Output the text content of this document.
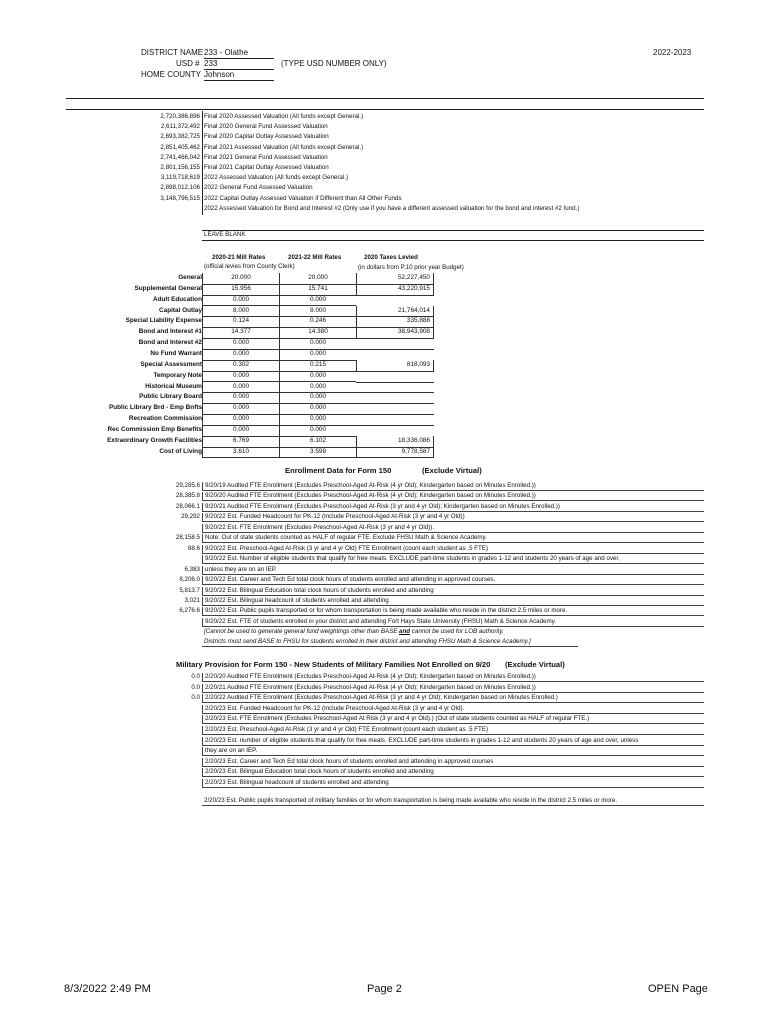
DISTRICT NAME 233 - Olathe	2022-2023
USD # 233	(TYPE USD NUMBER ONLY)
HOME COUNTY Johnson
2,720,386,896 Final 2020 Assessed Valuation (All funds except General.)
2,611,372,492 Final 2020 General Fund Assessed Valuation
2,693,382,725 Final 2020 Capital Outlay Assessed Valuation
2,851,405,462 Final 2021 Assessed Valuation (All funds except General.)
2,741,466,042 Final 2021 General Fund Assessed Valuation
2,801,156,155 Final 2021 Capital Outlay Assessed Valuation
3,119,718,619 2022 Assessed Valuation (All funds except General.)
2,898,012,106 2022 General Fund Assessed Valuation
3,148,796,515 2022 Capital Outlay Assessed Valuation if Different than All Other Funds
2022 Assessed Valuation for Bond and Interest #2 (Only use if you have a different assessed valuation for the bond and interest #2 fund.)
LEAVE BLANK
2020-21 Mill Rates
(official levies from County Clerk)
2021-22 Mill Rates	2020 Taxes Levied
(in dollars from P.10 prior year Budget)
General	20.000	20.000	52,227,450
Supplemental General	15.956	15.741	43,220,915
Adult Education	0.000	0.000
Capital Outlay	8.000	8.000	21,764,014
Special Liability Expense	0.124	0.246	335,888
Bond and Interest #1	14.377	14.380	38,943,908
Bond and Interest #2	0.000	0.000
No Fund Warrant	0.000	0.000
Special Assessment	0.302	0.215	818,093
Temporary Note	0.000	0.000
Historical Museum	0.000	0.000
Public Library Board	0.000	0.000
Public Library Brd - Emp Bnfts	0.000	0.000
Recreation Commission	0.000	0.000
Rec Commission Emp Benefits	0.000	0.000
Extraordinary Growth Facilities	6.769	6.102	18,336,086
Cost of Living	3.610	3.598	9,778,587
Enrollment Data for Form 150	(Exclude Virtual)
29,285.6 9/20/19 Audited FTE Enrollment (Excludes Preschool-Aged At-Risk (4 yr Old); Kindergarten based on Minutes Enrolled.))
28,385.8 9/20/20 Audited FTE Enrollment (Excludes Preschool-Aged At-Risk (4 yr Old); Kindergarten based on Minutes Enrolled.))
28,066.1 9/20/21 Audited FTE Enrollment (Excludes Preschool-Aged At-Risk (3 yr and 4 yr Old); Kindergarten based on Minutes Enrolled.))
29,292 9/20/22 Est. Funded Headcount for PK-12 (Include Preschool-Aged At-Risk (3 yr and 4 yr Old))
9/20/22 Est. FTE Enrollment (Excludes Preschool-Aged At-Risk (3 yr and 4 yr Old)).
28,158.5 Note: Out of state students counted as HALF of regular FTE. Exclude FHSU Math & Science Academy.
88.6 9/20/22 Est. Preschool-Aged At-Risk (3 yr and 4 yr Old) FTE Enrollment (count each student as .5 FTE)
9/20/22 Est. Number of eligible students that qualify for free meals. EXCLUDE part-time students in grades 1-12 and students 20 years of age and over,
6,383 unless they are on an IEP.
8,206.0 9/20/22 Est. Career and Tech Ed total clock hours of students enrolled and attending in approved courses.
5,813.7 9/20/22 Est. Bilingual Education total clock hours of students enrolled and attending
3,021 9/20/22 Est. Bilingual headcount of students enrolled and attending
6,276.6 9/20/22 Est. Public pupils transported or for whom transportation is being made available who reside in the district 2.5 miles or more.
9/20/22 Est. FTE of students enrolled in your district and attending Fort Hays State University (FHSU) Math & Science Academy.
[Cannot be used to generate general fund weightings other than BASE and cannot be used for LOB authority.
Districts must send BASE to FHSU for students enrolled in their district and attending FHSU Math & Science Academy.]
Military Provision for Form 150 - New Students of Military Families Not Enrolled on 9/20 (Exclude Virtual)
0.0 2/20/20 Audited FTE Enrollment (Excludes Preschool-Aged At-Risk (4 yr Old); Kindergarten based on Minutes Enrolled.))
0.0 2/20/21 Audited FTE Enrollment (Excludes Preschool-Aged At-Risk (4 yr Old); Kindergarten based on Minutes Enrolled.))
0.0 2/20/22 Audited FTE Enrollment (Excludes Preschool-Aged At-Risk (3 yr and 4 yr Old); Kindergarten based on Minutes Enrolled.)
2/20/23 Est. Funded Headcount for PK-12 (Include Preschool-Aged At-Risk (3 yr and 4 yr Old).
2/20/23 Est. FTE Enrollment (Excludes Preschool-Aged At Risk (3 yr and 4 yr Old).) (Out of state students counted as HALF of regular FTE.)
2/20/23 Est. Preschool-Aged At-Risk (3 yr and 4 yr Old) FTE Enrollment (count each student as .5 FTE)
2/20/23 Est. number of eligible students that qualify for free meals. EXCLUDE part-time students in grades 1-12 and students 20 years of age and over, unless
they are on an IEP.
2/20/23 Est. Career and Tech Ed total clock hours of students enrolled and attending in approved courses
2/20/23 Est. Bilingual Education total clock hours of students enrolled and attending
2/20/23 Est. Bilingual headcount of students enrolled and attending
2/20/23 Est. Public pupils transported of military families or for whom transportation is being made available who reside in the district 2.5 miles or more.
8/3/2022 2:49 PM	Page 2	OPEN Page
